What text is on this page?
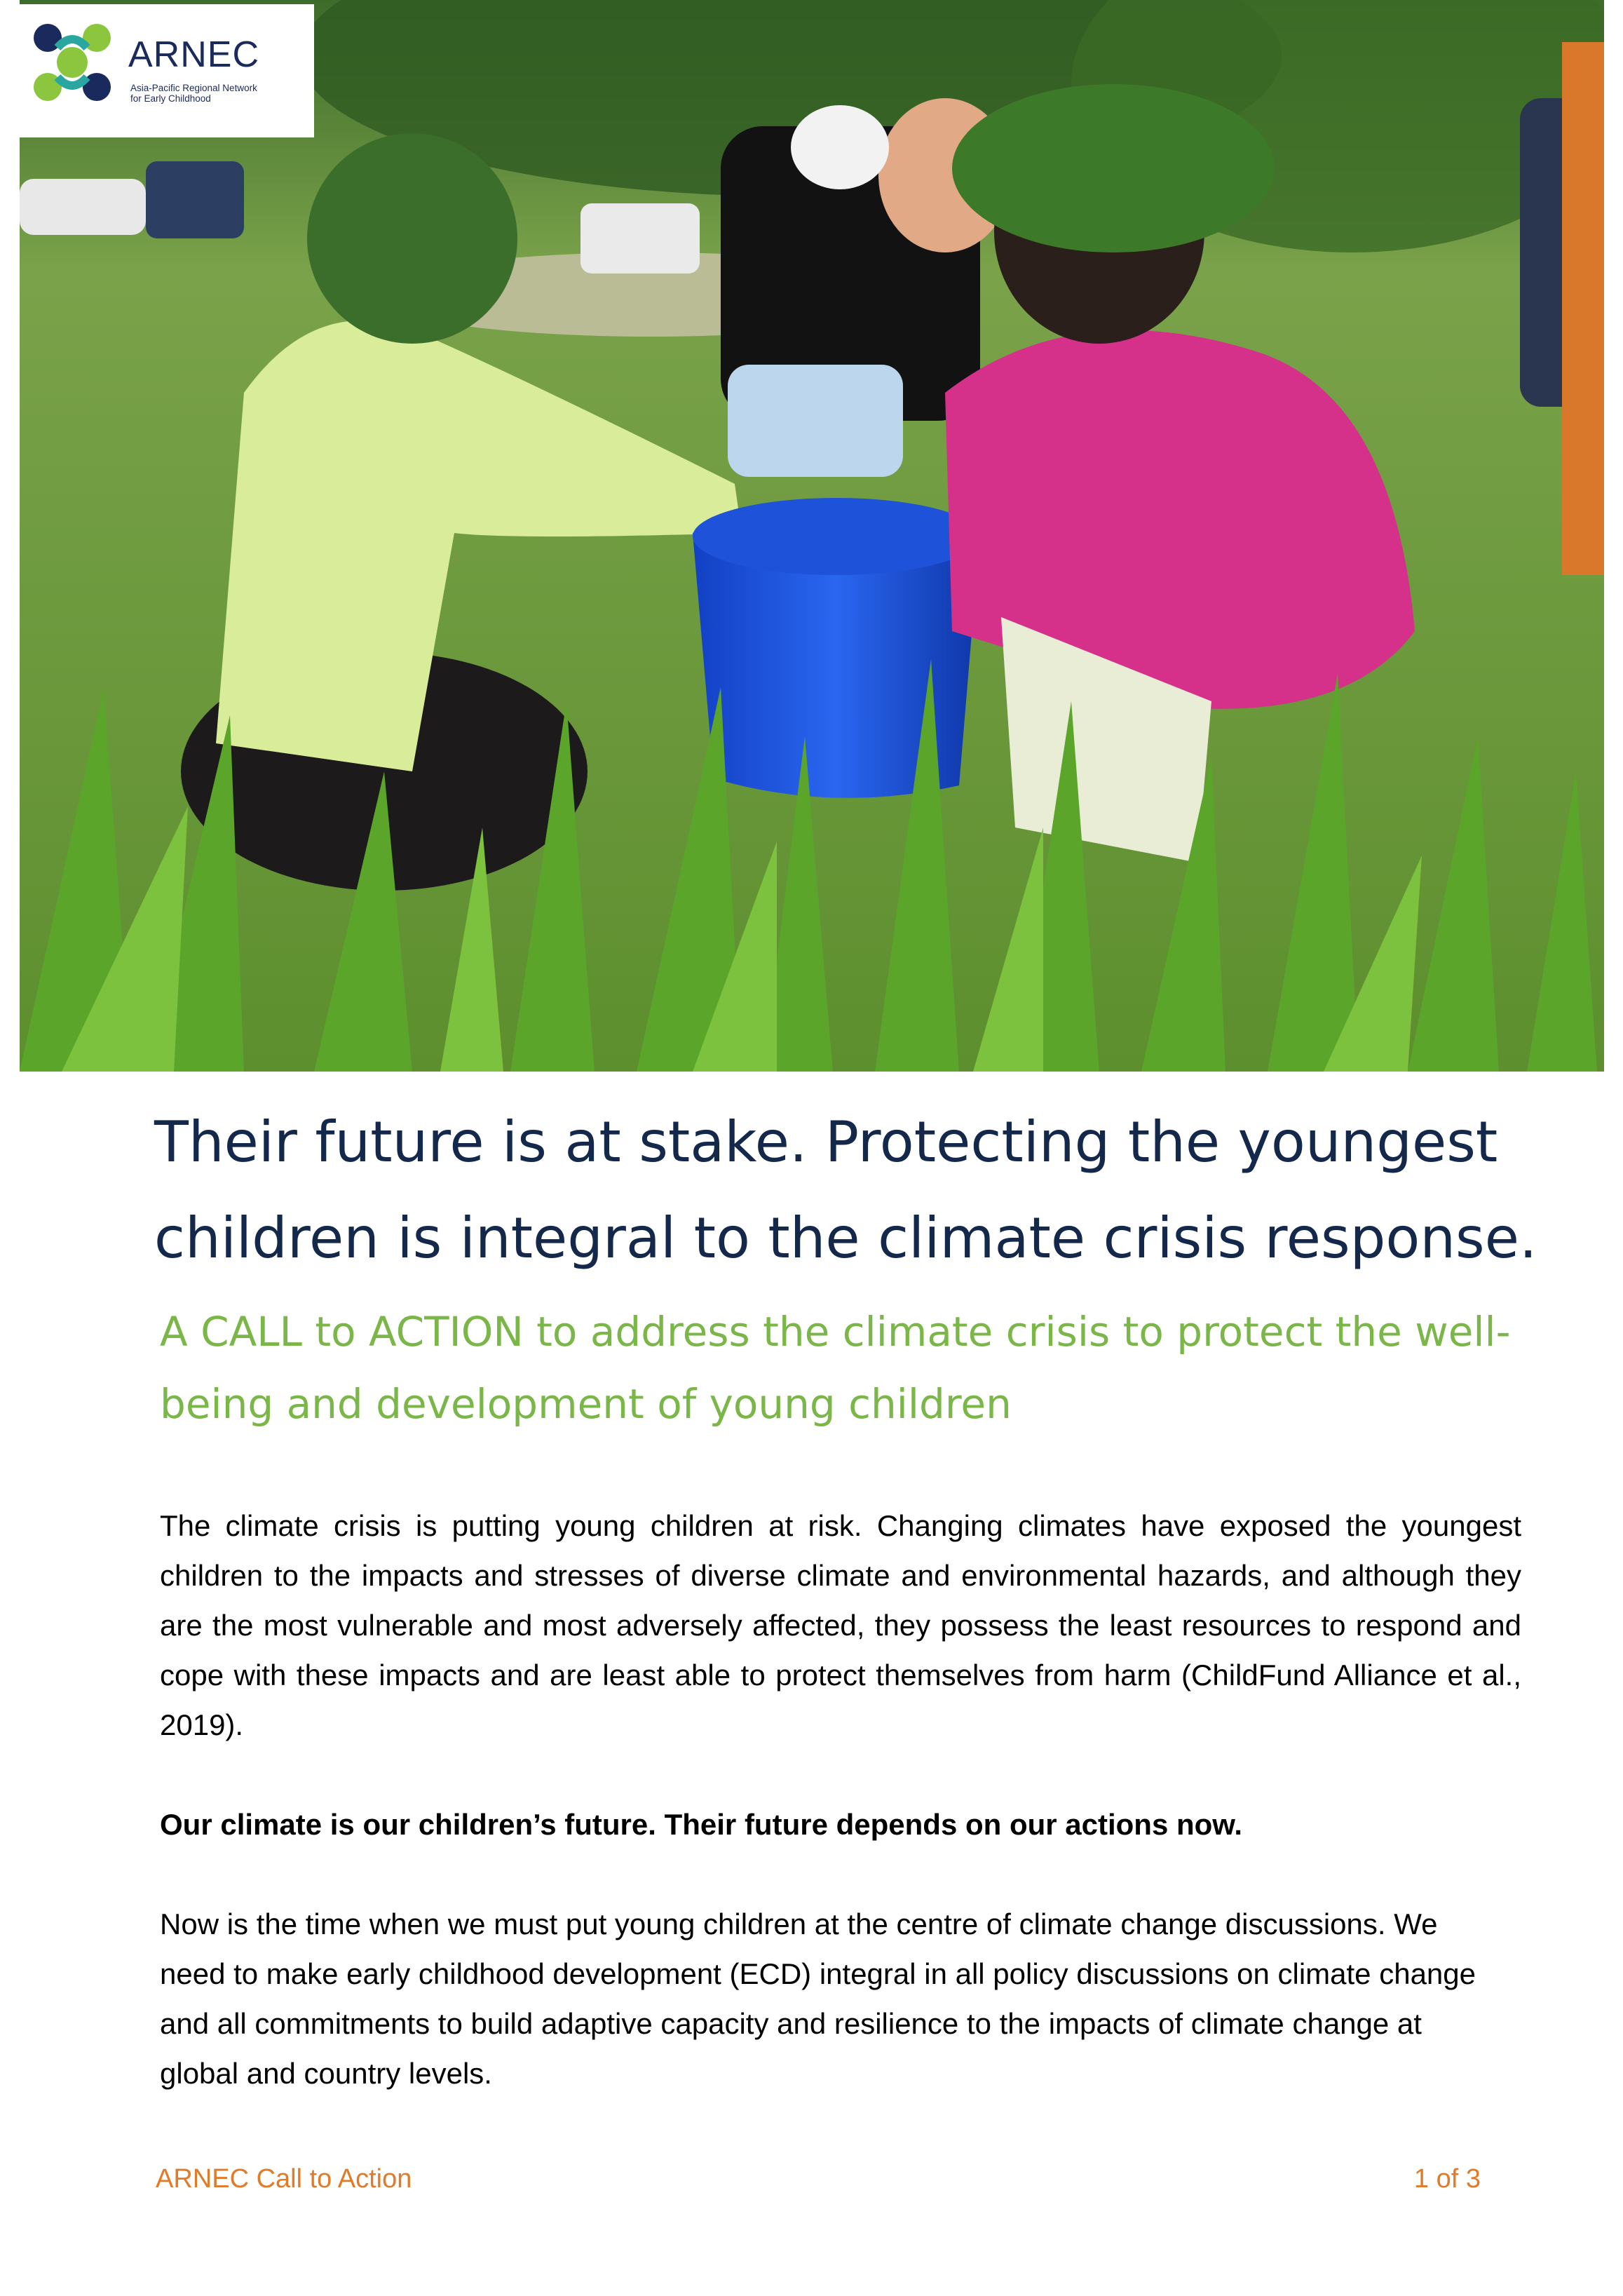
ARNEC
Asia-Pacific Regional Network
for Early Childhood
Their future is at stake. Protecting the youngest children is integral to the climate crisis response.
A CALL to ACTION to address the climate crisis to protect the well-being and development of young children

The climate crisis is putting young children at risk. Changing climates have exposed the youngest children to the impacts and stresses of diverse climate and environmental hazards, and although they are the most vulnerable and most adversely affected, they possess the least resources to respond and cope with these impacts and are least able to protect themselves from harm (ChildFund Alliance et al., 2019).

Our climate is our children’s future. Their future depends on our actions now.

Now is the time when we must put young children at the centre of climate change discussions. We need to make early childhood development (ECD) integral in all policy discussions on climate change and all commitments to build adaptive capacity and resilience to the impacts of climate change at global and country levels.

ARNEC Call to Action	1 of 3
